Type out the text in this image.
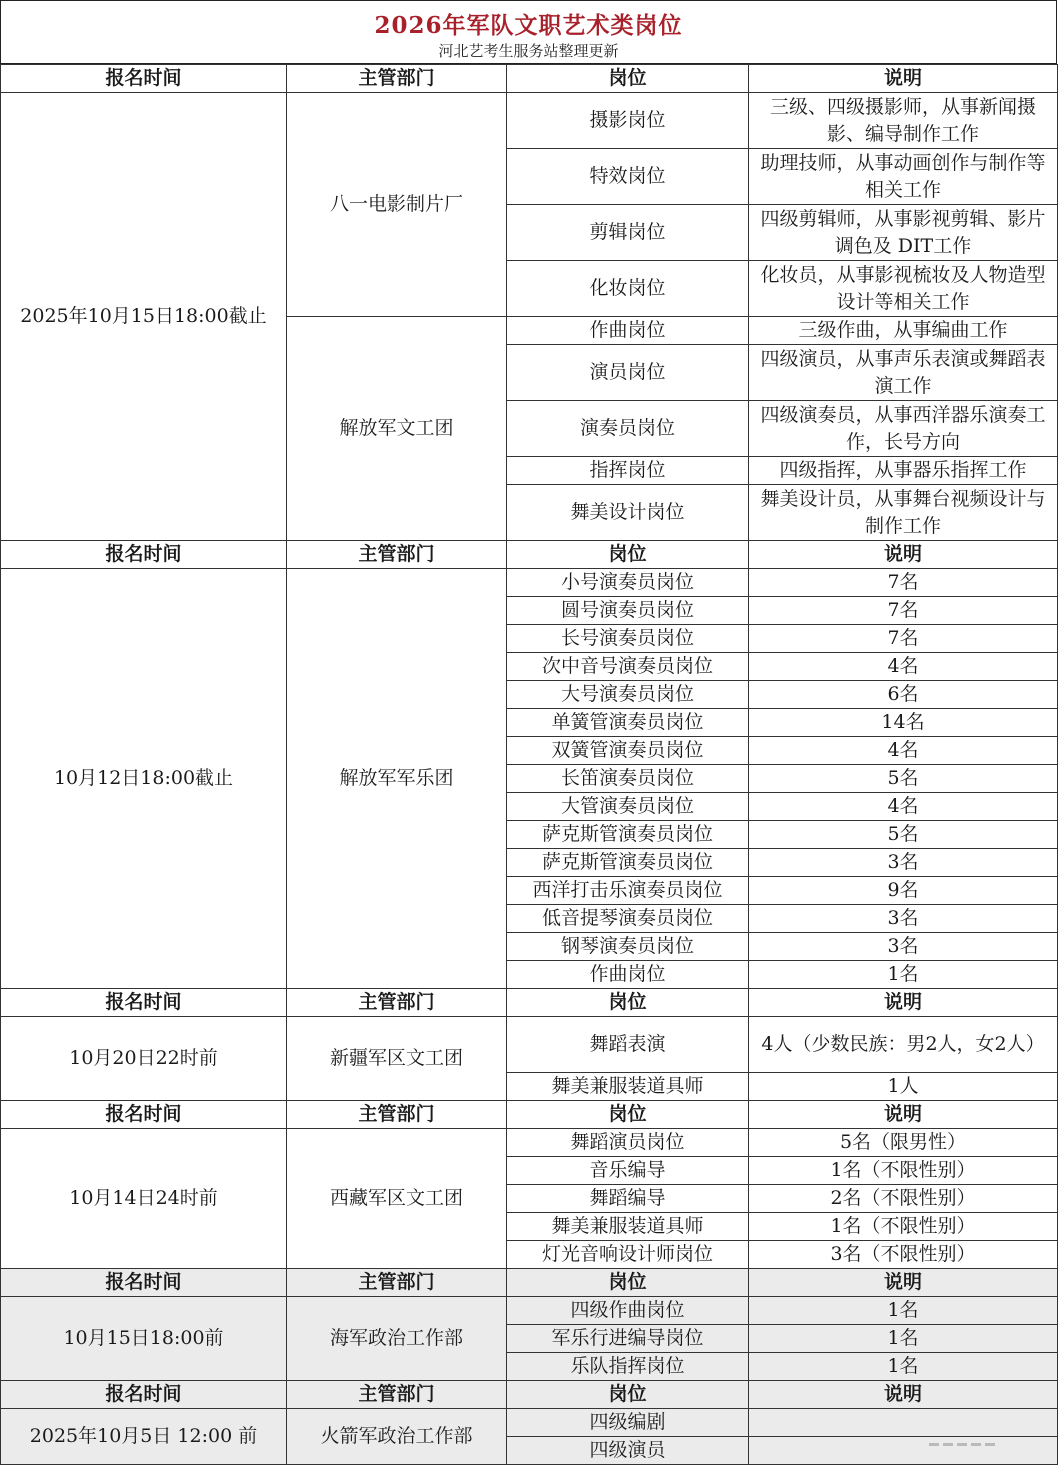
2026年军队文职艺术类岗位
河北艺考生服务站整理更新
报名时间	主管部门	岗位	说明
2025年10月15日18:00截止	八一电影制片厂	摄影岗位	三级、四级摄影师，从事新闻摄影、编导制作工作
		特效岗位	助理技师，从事动画创作与制作等相关工作
		剪辑岗位	四级剪辑师，从事影视剪辑、影片调色及 DIT工作
		化妆岗位	化妆员，从事影视梳妆及人物造型设计等相关工作
	解放军文工团	作曲岗位	三级作曲，从事编曲工作
		演员岗位	四级演员，从事声乐表演或舞蹈表演工作
		演奏员岗位	四级演奏员，从事西洋器乐演奏工作，长号方向
		指挥岗位	四级指挥，从事器乐指挥工作
		舞美设计岗位	舞美设计员，从事舞台视频设计与制作工作
报名时间	主管部门	岗位	说明
10月12日18:00截止	解放军军乐团	小号演奏员岗位	7名
		圆号演奏员岗位	7名
		长号演奏员岗位	7名
		次中音号演奏员岗位	4名
		大号演奏员岗位	6名
		单簧管演奏员岗位	14名
		双簧管演奏员岗位	4名
		长笛演奏员岗位	5名
		大管演奏员岗位	4名
		萨克斯管演奏员岗位	5名
		萨克斯管演奏员岗位	3名
		西洋打击乐演奏员岗位	9名
		低音提琴演奏员岗位	3名
		钢琴演奏员岗位	3名
		作曲岗位	1名
报名时间	主管部门	岗位	说明
10月20日22时前	新疆军区文工团	舞蹈表演	4人（少数民族：男2人，女2人）
		舞美兼服装道具师	1人
报名时间	主管部门	岗位	说明
10月14日24时前	西藏军区文工团	舞蹈演员岗位	5名（限男性）
		音乐编导	1名（不限性别）
		舞蹈编导	2名（不限性别）
		舞美兼服装道具师	1名（不限性别）
		灯光音响设计师岗位	3名（不限性别）
报名时间	主管部门	岗位	说明
10月15日18:00前	海军政治工作部	四级作曲岗位	1名
		军乐行进编导岗位	1名
		乐队指挥岗位	1名
报名时间	主管部门	岗位	说明
2025年10月5日 12:00 前	火箭军政治工作部	四级编剧	
		四级演员	
